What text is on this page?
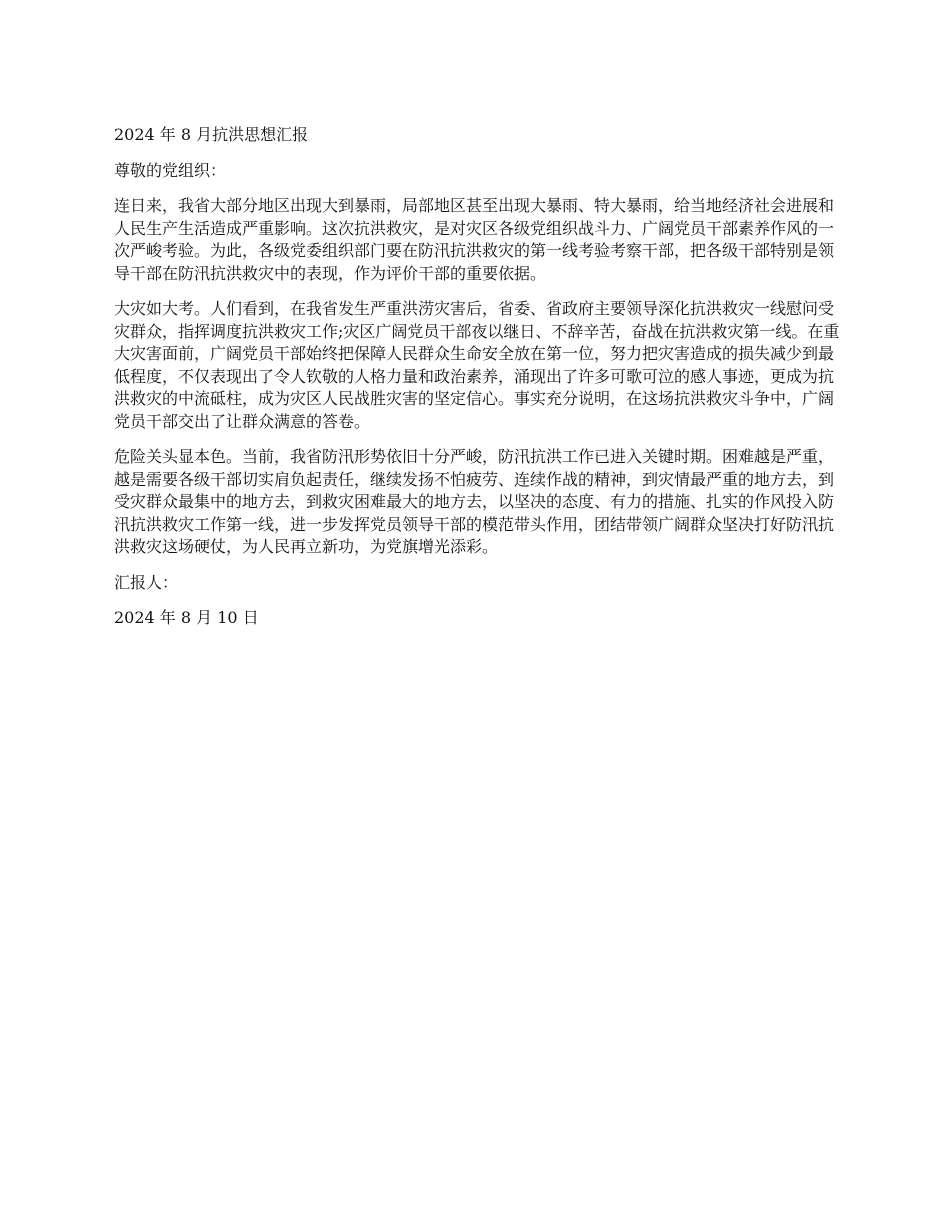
2024 年 8 月抗洪思想汇报

尊敬的党组织：

连日来，我省大部分地区出现大到暴雨，局部地区甚至出现大暴雨、特大暴雨，给当地经济社会进展和人民生产生活造成严重影响。这次抗洪救灾，是对灾区各级党组织战斗力、广阔党员干部素养作风的一次严峻考验。为此，各级党委组织部门要在防汛抗洪救灾的第一线考验考察干部，把各级干部特别是领导干部在防汛抗洪救灾中的表现，作为评价干部的重要依据。

大灾如大考。人们看到，在我省发生严重洪涝灾害后，省委、省政府主要领导深化抗洪救灾一线慰问受灾群众，指挥调度抗洪救灾工作;灾区广阔党员干部夜以继日、不辞辛苦，奋战在抗洪救灾第一线。在重大灾害面前，广阔党员干部始终把保障人民群众生命安全放在第一位，努力把灾害造成的损失减少到最低程度，不仅表现出了令人钦敬的人格力量和政治素养，涌现出了许多可歌可泣的感人事迹，更成为抗洪救灾的中流砥柱，成为灾区人民战胜灾害的坚定信心。事实充分说明，在这场抗洪救灾斗争中，广阔党员干部交出了让群众满意的答卷。

危险关头显本色。当前，我省防汛形势依旧十分严峻，防汛抗洪工作已进入关键时期。困难越是严重，越是需要各级干部切实肩负起责任，继续发扬不怕疲劳、连续作战的精神，到灾情最严重的地方去，到受灾群众最集中的地方去，到救灾困难最大的地方去，以坚决的态度、有力的措施、扎实的作风投入防汛抗洪救灾工作第一线，进一步发挥党员领导干部的模范带头作用，团结带领广阔群众坚决打好防汛抗洪救灾这场硬仗，为人民再立新功，为党旗增光添彩。

汇报人：

2024 年 8 月 10 日
